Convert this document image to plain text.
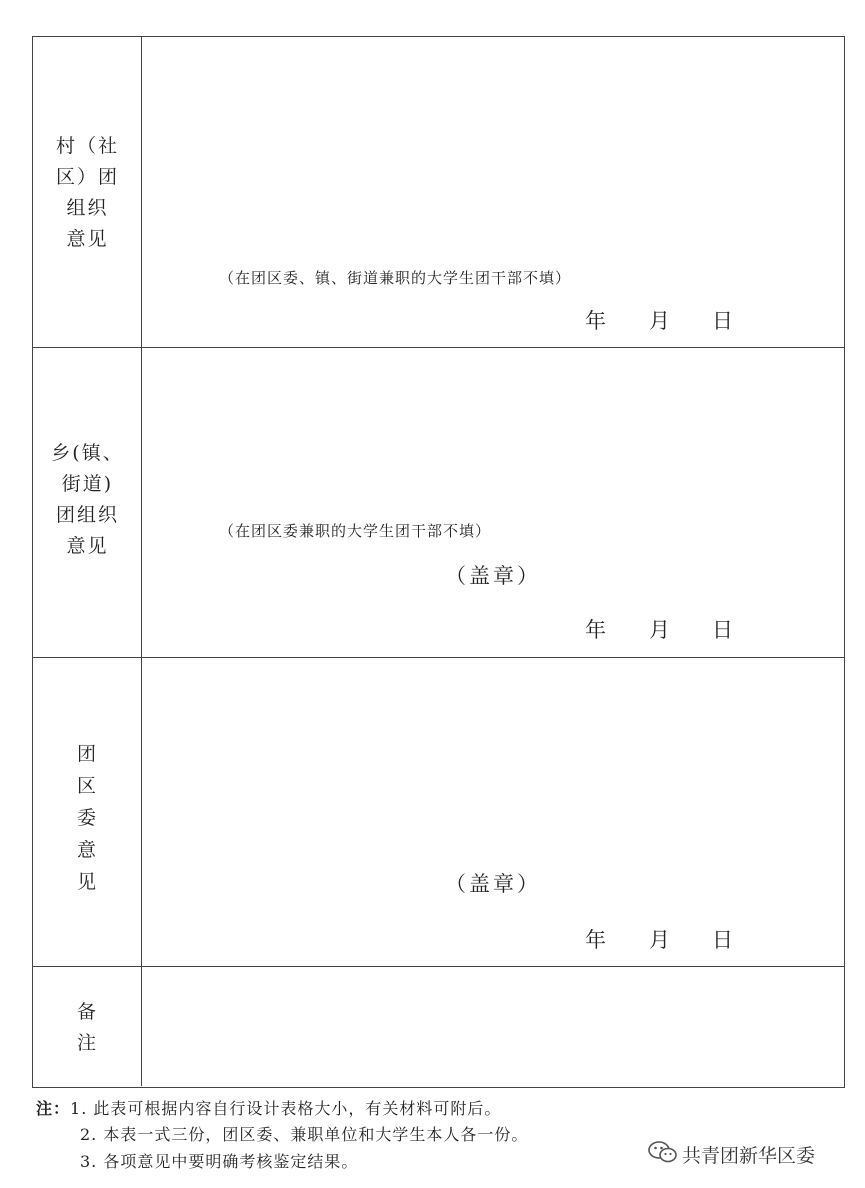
村（社
区）团
组织
意见
（在团区委、镇、街道兼职的大学生团干部不填）
年 月 日
乡(镇、
街道)
团组织
意见
（在团区委兼职的大学生团干部不填）
（盖章）
年 月 日
团
区
委
意
见	（盖章）
年 月 日
备
注
注：1. 此表可根据内容自行设计表格大小，有关材料可附后。
2. 本表一式三份，团区委、兼职单位和大学生本人各一份。
3. 各项意见中要明确考核鉴定结果。	共青团新华区委
